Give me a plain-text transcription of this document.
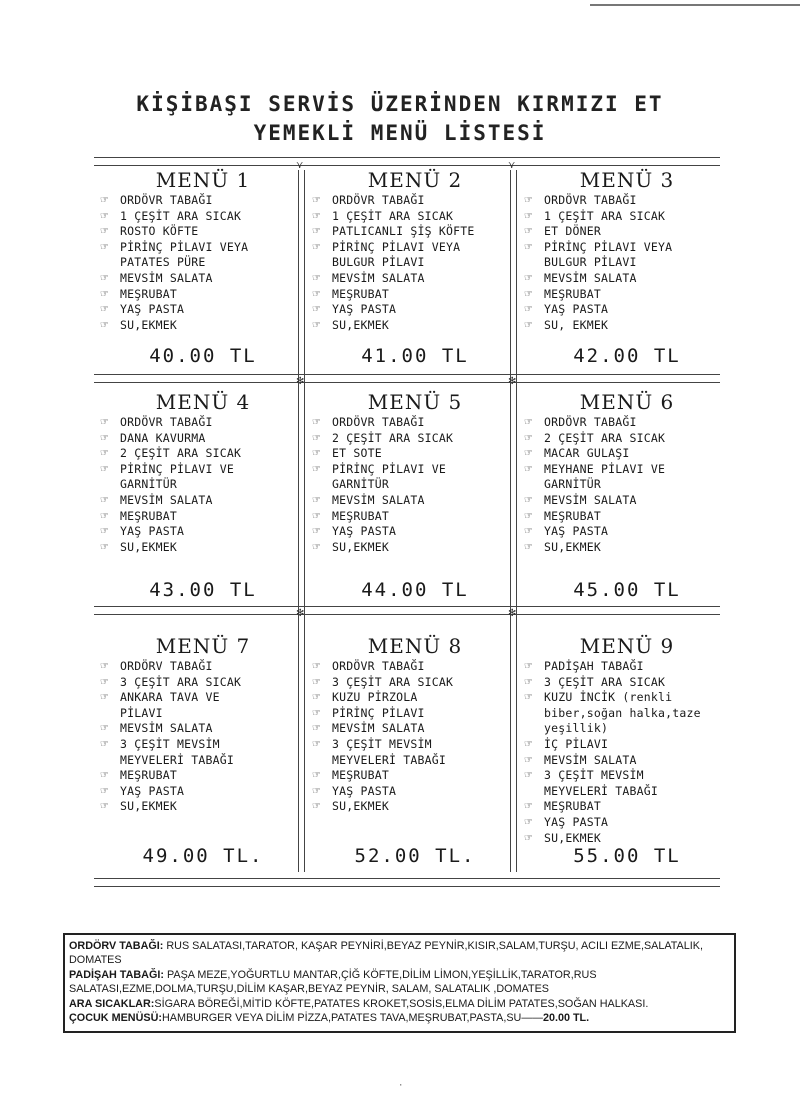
KİŞİBAŞI SERVİS ÜZERİNDEN KIRMIZI ET
YEMEKLİ MENÜ LİSTESİ
⋎	⋎
✻	✻
✻	✻
MENÜ 1
☞ ORDÖVR TABAĞI
☞ 1 ÇEŞİT ARA SICAK
☞ ROSTO KÖFTE
☞ PİRİNÇ PİLAVI VEYA
PATATES PÜRE
☞ MEVSİM SALATA
☞ MEŞRUBAT
☞ YAŞ PASTA
☞ SU,EKMEK
40.00 TL
MENÜ 2
☞ ORDÖVR TABAĞI
☞ 1 ÇEŞİT ARA SICAK
☞ PATLICANLI ŞİŞ KÖFTE
☞ PİRİNÇ PİLAVI VEYA
BULGUR PİLAVI
☞ MEVSİM SALATA
☞ MEŞRUBAT
☞ YAŞ PASTA
☞ SU,EKMEK
41.00 TL
MENÜ 3
☞ ORDÖVR TABAĞI
☞ 1 ÇEŞİT ARA SICAK
☞ ET DÖNER
☞ PİRİNÇ PİLAVI VEYA
BULGUR PİLAVI
☞ MEVSİM SALATA
☞ MEŞRUBAT
☞ YAŞ PASTA
☞ SU, EKMEK
42.00 TL
MENÜ 4
☞ ORDÖVR TABAĞI
☞ DANA KAVURMA
☞ 2 ÇEŞİT ARA SICAK
☞ PİRİNÇ PİLAVI VE
GARNİTÜR
☞ MEVSİM SALATA
☞ MEŞRUBAT
☞ YAŞ PASTA
☞ SU,EKMEK
43.00 TL
MENÜ 5
☞ ORDÖVR TABAĞI
☞ 2 ÇEŞİT ARA SICAK
☞ ET SOTE
☞ PİRİNÇ PİLAVI VE
GARNİTÜR
☞ MEVSİM SALATA
☞ MEŞRUBAT
☞ YAŞ PASTA
☞ SU,EKMEK
44.00 TL
MENÜ 6
☞ ORDÖVR TABAĞI
☞ 2 ÇEŞİT ARA SICAK
☞ MACAR GULAŞI
☞ MEYHANE PİLAVI VE
GARNİTÜR
☞ MEVSİM SALATA
☞ MEŞRUBAT
☞ YAŞ PASTA
☞ SU,EKMEK
45.00 TL
MENÜ 7
☞ ORDÖRV TABAĞI
☞ 3 ÇEŞİT ARA SICAK
☞ ANKARA TAVA VE
PİLAVI
☞ MEVSİM SALATA
☞ 3 ÇEŞİT MEVSİM
MEYVELERİ TABAĞI
☞ MEŞRUBAT
☞ YAŞ PASTA
☞ SU,EKMEK
49.00 TL.
MENÜ 8
☞ ORDÖVR TABAĞI
☞ 3 ÇEŞİT ARA SICAK
☞ KUZU PİRZOLA
☞ PİRİNÇ PİLAVI
☞ MEVSİM SALATA
☞ 3 ÇEŞİT MEVSİM
MEYVELERİ TABAĞI
☞ MEŞRUBAT
☞ YAŞ PASTA
☞ SU,EKMEK
52.00 TL.
MENÜ 9
☞ PADİŞAH TABAĞI
☞ 3 ÇEŞİT ARA SICAK
☞ KUZU İNCİK (renkli
biber,soğan halka,taze
yeşillik)
☞ İÇ PİLAVI
☞ MEVSİM SALATA
☞ 3 ÇEŞİT MEVSİM
MEYVELERİ TABAĞI
☞ MEŞRUBAT
☞ YAŞ PASTA
☞ SU,EKMEK
55.00 TL

ORDÖRV TABAĞI: RUS SALATASI,TARATOR, KAŞAR PEYNİRİ,BEYAZ PEYNİR,KISIR,SALAM,TURŞU, ACILI EZME,SALATALIK, DOMATES

PADİŞAH TABAĞI: PAŞA MEZE,YOĞURTLU MANTAR,ÇİĞ KÖFTE,DİLİM LİMON,YEŞİLLİK,TARATOR,RUS SALATASI,EZME,DOLMA,TURŞU,DİLİM KAŞAR,BEYAZ PEYNİR, SALAM, SALATALIK ,DOMATES

ARA SICAKLAR:SİGARA BÖREĞİ,MİTİD KÖFTE,PATATES KROKET,SOSİS,ELMA DİLİM PATATES,SOĞAN HALKASI.

ÇOCUK MENÜSÜ:HAMBURGER VEYA DİLİM PİZZA,PATATES TAVA,MEŞRUBAT,PASTA,SU——20.00 TL.

·
